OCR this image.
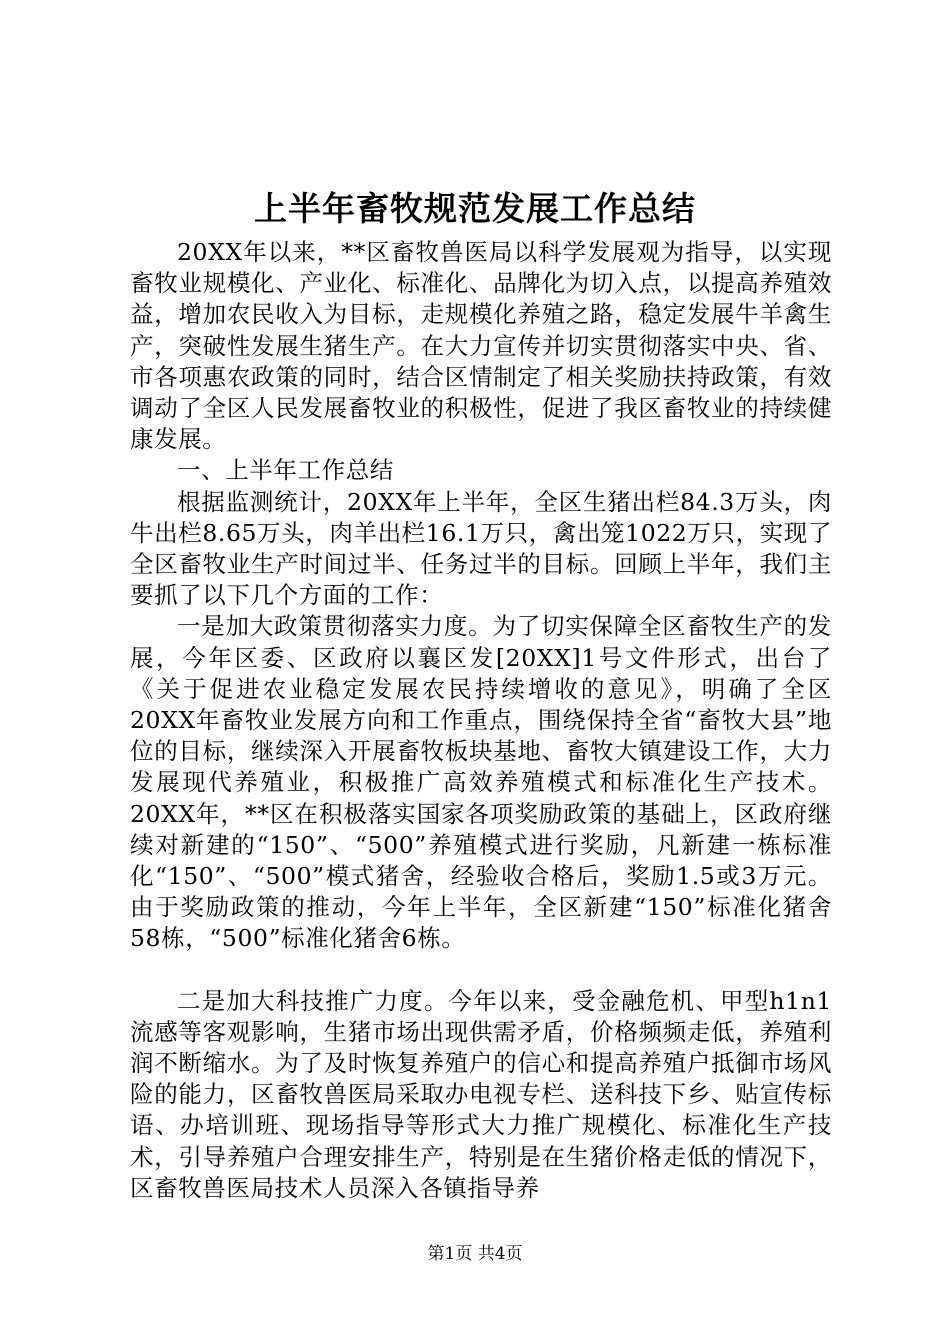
上半年畜牧规范发展工作总结

20XX年以来，**区畜牧兽医局以科学发展观为指导，以实现畜牧业规模化、产业化、标准化、品牌化为切入点，以提高养殖效益，增加农民收入为目标，走规模化养殖之路，稳定发展牛羊禽生产，突破性发展生猪生产。在大力宣传并切实贯彻落实中央、省、市各项惠农政策的同时，结合区情制定了相关奖励扶持政策，有效调动了全区人民发展畜牧业的积极性，促进了我区畜牧业的持续健康发展。

一、上半年工作总结

根据监测统计，20XX年上半年，全区生猪出栏84.3万头，肉牛出栏8.65万头，肉羊出栏16.1万只，禽出笼1022万只，实现了全区畜牧业生产时间过半、任务过半的目标。回顾上半年，我们主要抓了以下几个方面的工作：

一是加大政策贯彻落实力度。为了切实保障全区畜牧生产的发展，今年区委、区政府以襄区发[20XX]1号文件形式，出台了《关于促进农业稳定发展农民持续增收的意见》，明确了全区20XX年畜牧业发展方向和工作重点，围绕保持全省“畜牧大县”地位的目标，继续深入开展畜牧板块基地、畜牧大镇建设工作，大力发展现代养殖业，积极推广高效养殖模式和标准化生产技术。20XX年，**区在积极落实国家各项奖励政策的基础上，区政府继续对新建的“150”、“500”养殖模式进行奖励，凡新建一栋标准化“150”、“500”模式猪舍，经验收合格后，奖励1.5或3万元。由于奖励政策的推动，今年上半年，全区新建“150”标准化猪舍58栋，“500”标准化猪舍6栋。

二是加大科技推广力度。今年以来，受金融危机、甲型h1n1流感等客观影响，生猪市场出现供需矛盾，价格频频走低，养殖利润不断缩水。为了及时恢复养殖户的信心和提高养殖户抵御市场风险的能力，区畜牧兽医局采取办电视专栏、送科技下乡、贴宣传标语、办培训班、现场指导等形式大力推广规模化、标准化生产技术，引导养殖户合理安排生产，特别是在生猪价格走低的情况下，区畜牧兽医局技术人员深入各镇指导养

第1页 共4页
